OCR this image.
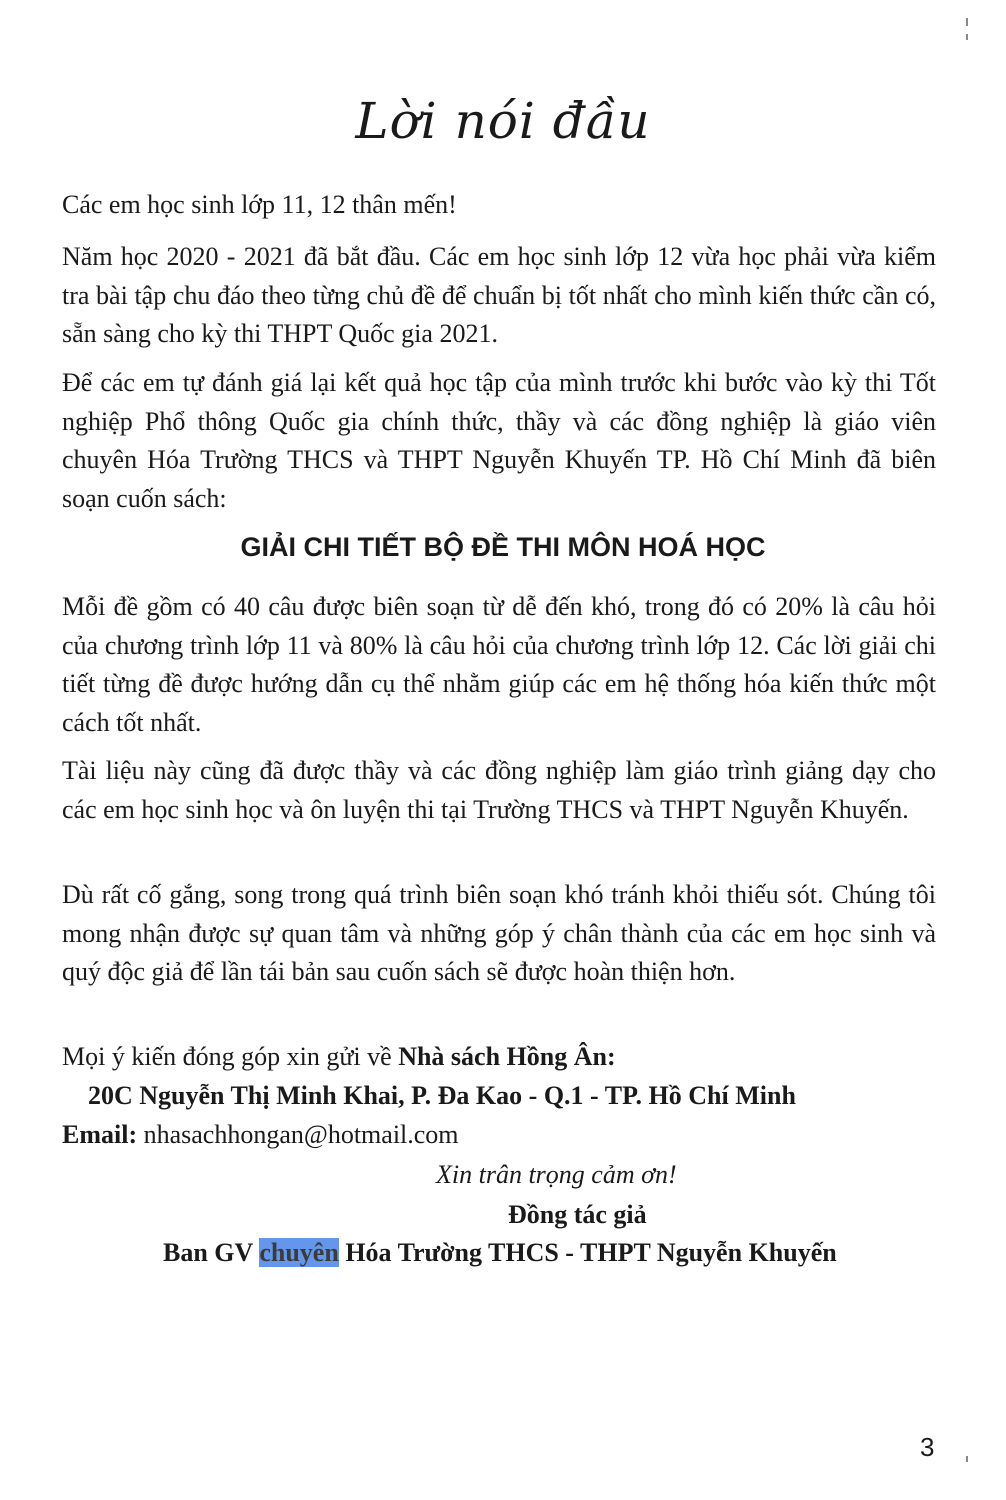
Lời nói đầu
Các em học sinh lớp 11, 12 thân mến!
Năm học 2020 - 2021 đã bắt đầu. Các em học sinh lớp 12 vừa học phải vừa kiểm tra bài tập chu đáo theo từng chủ đề để chuẩn bị tốt nhất cho mình kiến thức cần có, sẵn sàng cho kỳ thi THPT Quốc gia 2021.
Để các em tự đánh giá lại kết quả học tập của mình trước khi bước vào kỳ thi Tốt nghiệp Phổ thông Quốc gia chính thức, thầy và các đồng nghiệp là giáo viên chuyên Hóa Trường THCS và THPT Nguyễn Khuyến TP. Hồ Chí Minh đã biên soạn cuốn sách:
GIẢI CHI TIẾT BỘ ĐỀ THI MÔN HOÁ HỌC
Mỗi đề gồm có 40 câu được biên soạn từ dễ đến khó, trong đó có 20% là câu hỏi của chương trình lớp 11 và 80% là câu hỏi của chương trình lớp 12. Các lời giải chi tiết từng đề được hướng dẫn cụ thể nhằm giúp các em hệ thống hóa kiến thức một cách tốt nhất.
Tài liệu này cũng đã được thầy và các đồng nghiệp làm giáo trình giảng dạy cho các em học sinh học và ôn luyện thi tại Trường THCS và THPT Nguyễn Khuyến.
Dù rất cố gắng, song trong quá trình biên soạn khó tránh khỏi thiếu sót. Chúng tôi mong nhận được sự quan tâm và những góp ý chân thành của các em học sinh và quý độc giả để lần tái bản sau cuốn sách sẽ được hoàn thiện hơn.
Mọi ý kiến đóng góp xin gửi về Nhà sách Hồng Ân:
20C Nguyễn Thị Minh Khai, P. Đa Kao - Q.1 - TP. Hồ Chí Minh
Email: nhasachhongan@hotmail.com
Xin trân trọng cảm ơn!
Đồng tác giả
Ban GV chuyên Hóa Trường THCS - THPT Nguyễn Khuyến
3
